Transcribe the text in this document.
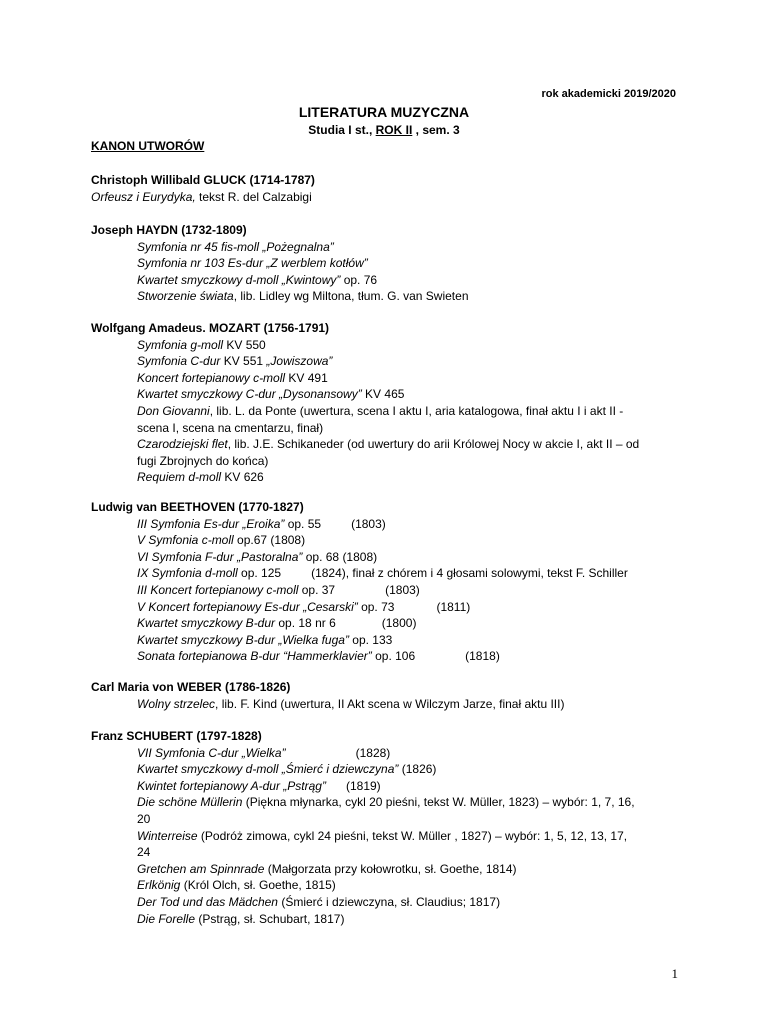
rok akademicki 2019/2020
LITERATURA MUZYCZNA
Studia I st., ROK II , sem. 3
KANON UTWORÓW
Christoph Willibald GLUCK (1714-1787)
Orfeusz i Eurydyka, tekst R. del Calzabigi
Joseph HAYDN (1732-1809)
Symfonia nr 45 fis-moll „Pożegnalna”
Symfonia nr 103 Es-dur „Z werblem kotłów”
Kwartet smyczkowy d-moll „Kwintowy” op. 76
Stworzenie świata, lib. Lidley wg Miltona, tłum. G. van Swieten
Wolfgang Amadeus. MOZART (1756-1791)
Symfonia g-moll KV 550
Symfonia C-dur KV 551 „Jowiszowa”
Koncert fortepianowy c-moll KV 491
Kwartet smyczkowy C-dur „Dysonansowy” KV 465
Don Giovanni, lib. L. da Ponte (uwertura, scena I aktu I, aria katalogowa, finał aktu I i akt II -
scena I, scena na cmentarzu, finał)
Czarodziejski flet, lib. J.E. Schikaneder (od uwertury do arii Królowej Nocy w akcie I, akt II – od
fugi Zbrojnych do końca)
Requiem d-moll KV 626
Ludwig van BEETHOVEN (1770-1827)
III Symfonia Es-dur „Eroika” op. 55	(1803)
V Symfonia c-moll op.67 (1808)
VI Symfonia F-dur „Pastoralna” op. 68 (1808)
IX Symfonia d-moll op. 125	(1824), finał z chórem i 4 głosami solowymi, tekst F. Schiller
III Koncert fortepianowy c-moll op. 37	(1803)
V Koncert fortepianowy Es-dur „Cesarski” op. 73	(1811)
Kwartet smyczkowy B-dur op. 18 nr 6	(1800)
Kwartet smyczkowy B-dur „Wielka fuga” op. 133
Sonata fortepianowa B-dur “Hammerklavier” op. 106	(1818)
Carl Maria von WEBER (1786-1826)
Wolny strzelec, lib. F. Kind (uwertura, II Akt scena w Wilczym Jarze, finał aktu III)
Franz SCHUBERT (1797-1828)
VII Symfonia C-dur „Wielka”	(1828)
Kwartet smyczkowy d-moll „Śmierć i dziewczyna” (1826)
Kwintet fortepianowy A-dur „Pstrąg” (1819)
Die schöne Müllerin (Piękna młynarka, cykl 20 pieśni, tekst W. Müller, 1823) – wybór: 1, 7, 16,
20
Winterreise (Podróż zimowa, cykl 24 pieśni, tekst W. Müller , 1827) – wybór: 1, 5, 12, 13, 17,
24
Gretchen am Spinnrade (Małgorzata przy kołowrotku, sł. Goethe, 1814)
Erlkönig (Król Olch, sł. Goethe, 1815)
Der Tod und das Mädchen (Śmierć i dziewczyna, sł. Claudius; 1817)
Die Forelle (Pstrąg, sł. Schubart, 1817)
1
